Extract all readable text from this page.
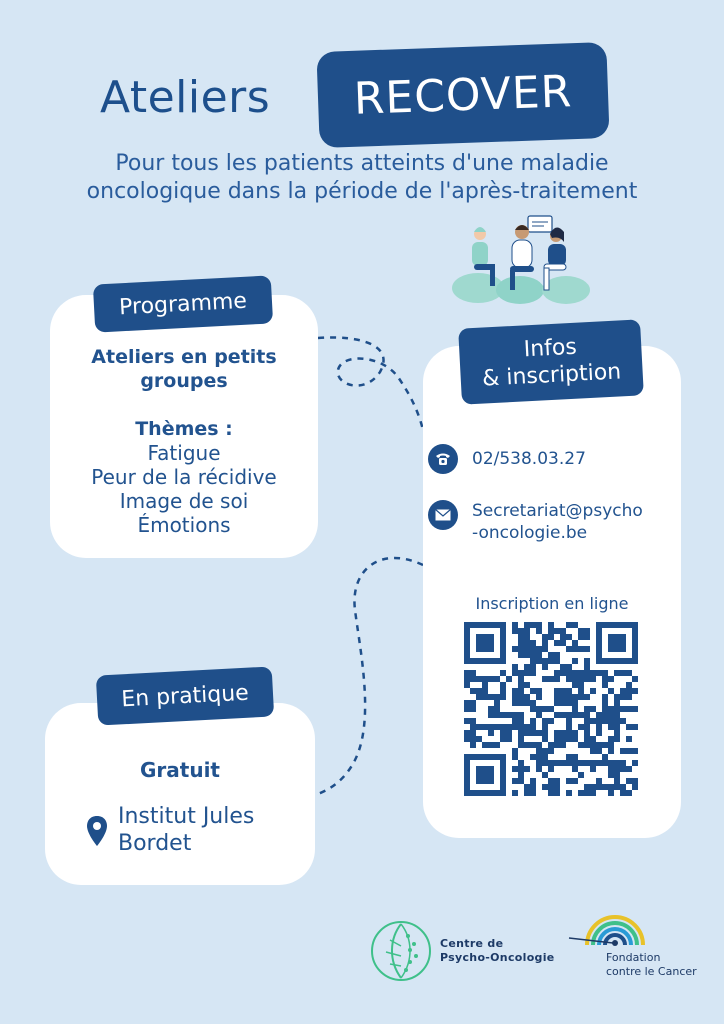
Ateliers RECOVER
Pour tous les patients atteints d'une maladie
oncologique dans la période de l'après-traitement
Programme
Ateliers en petits
groupes
Thèmes :
Fatigue
Peur de la récidive
Image de soi
Émotions
Infos
& inscription
02/538.03.27
Secretariat@psycho
-oncologie.be
Inscription en ligne
En pratique
Gratuit
Institut Jules
Bordet
Centre de
Psycho-Oncologie	Fondation
contre le Cancer
